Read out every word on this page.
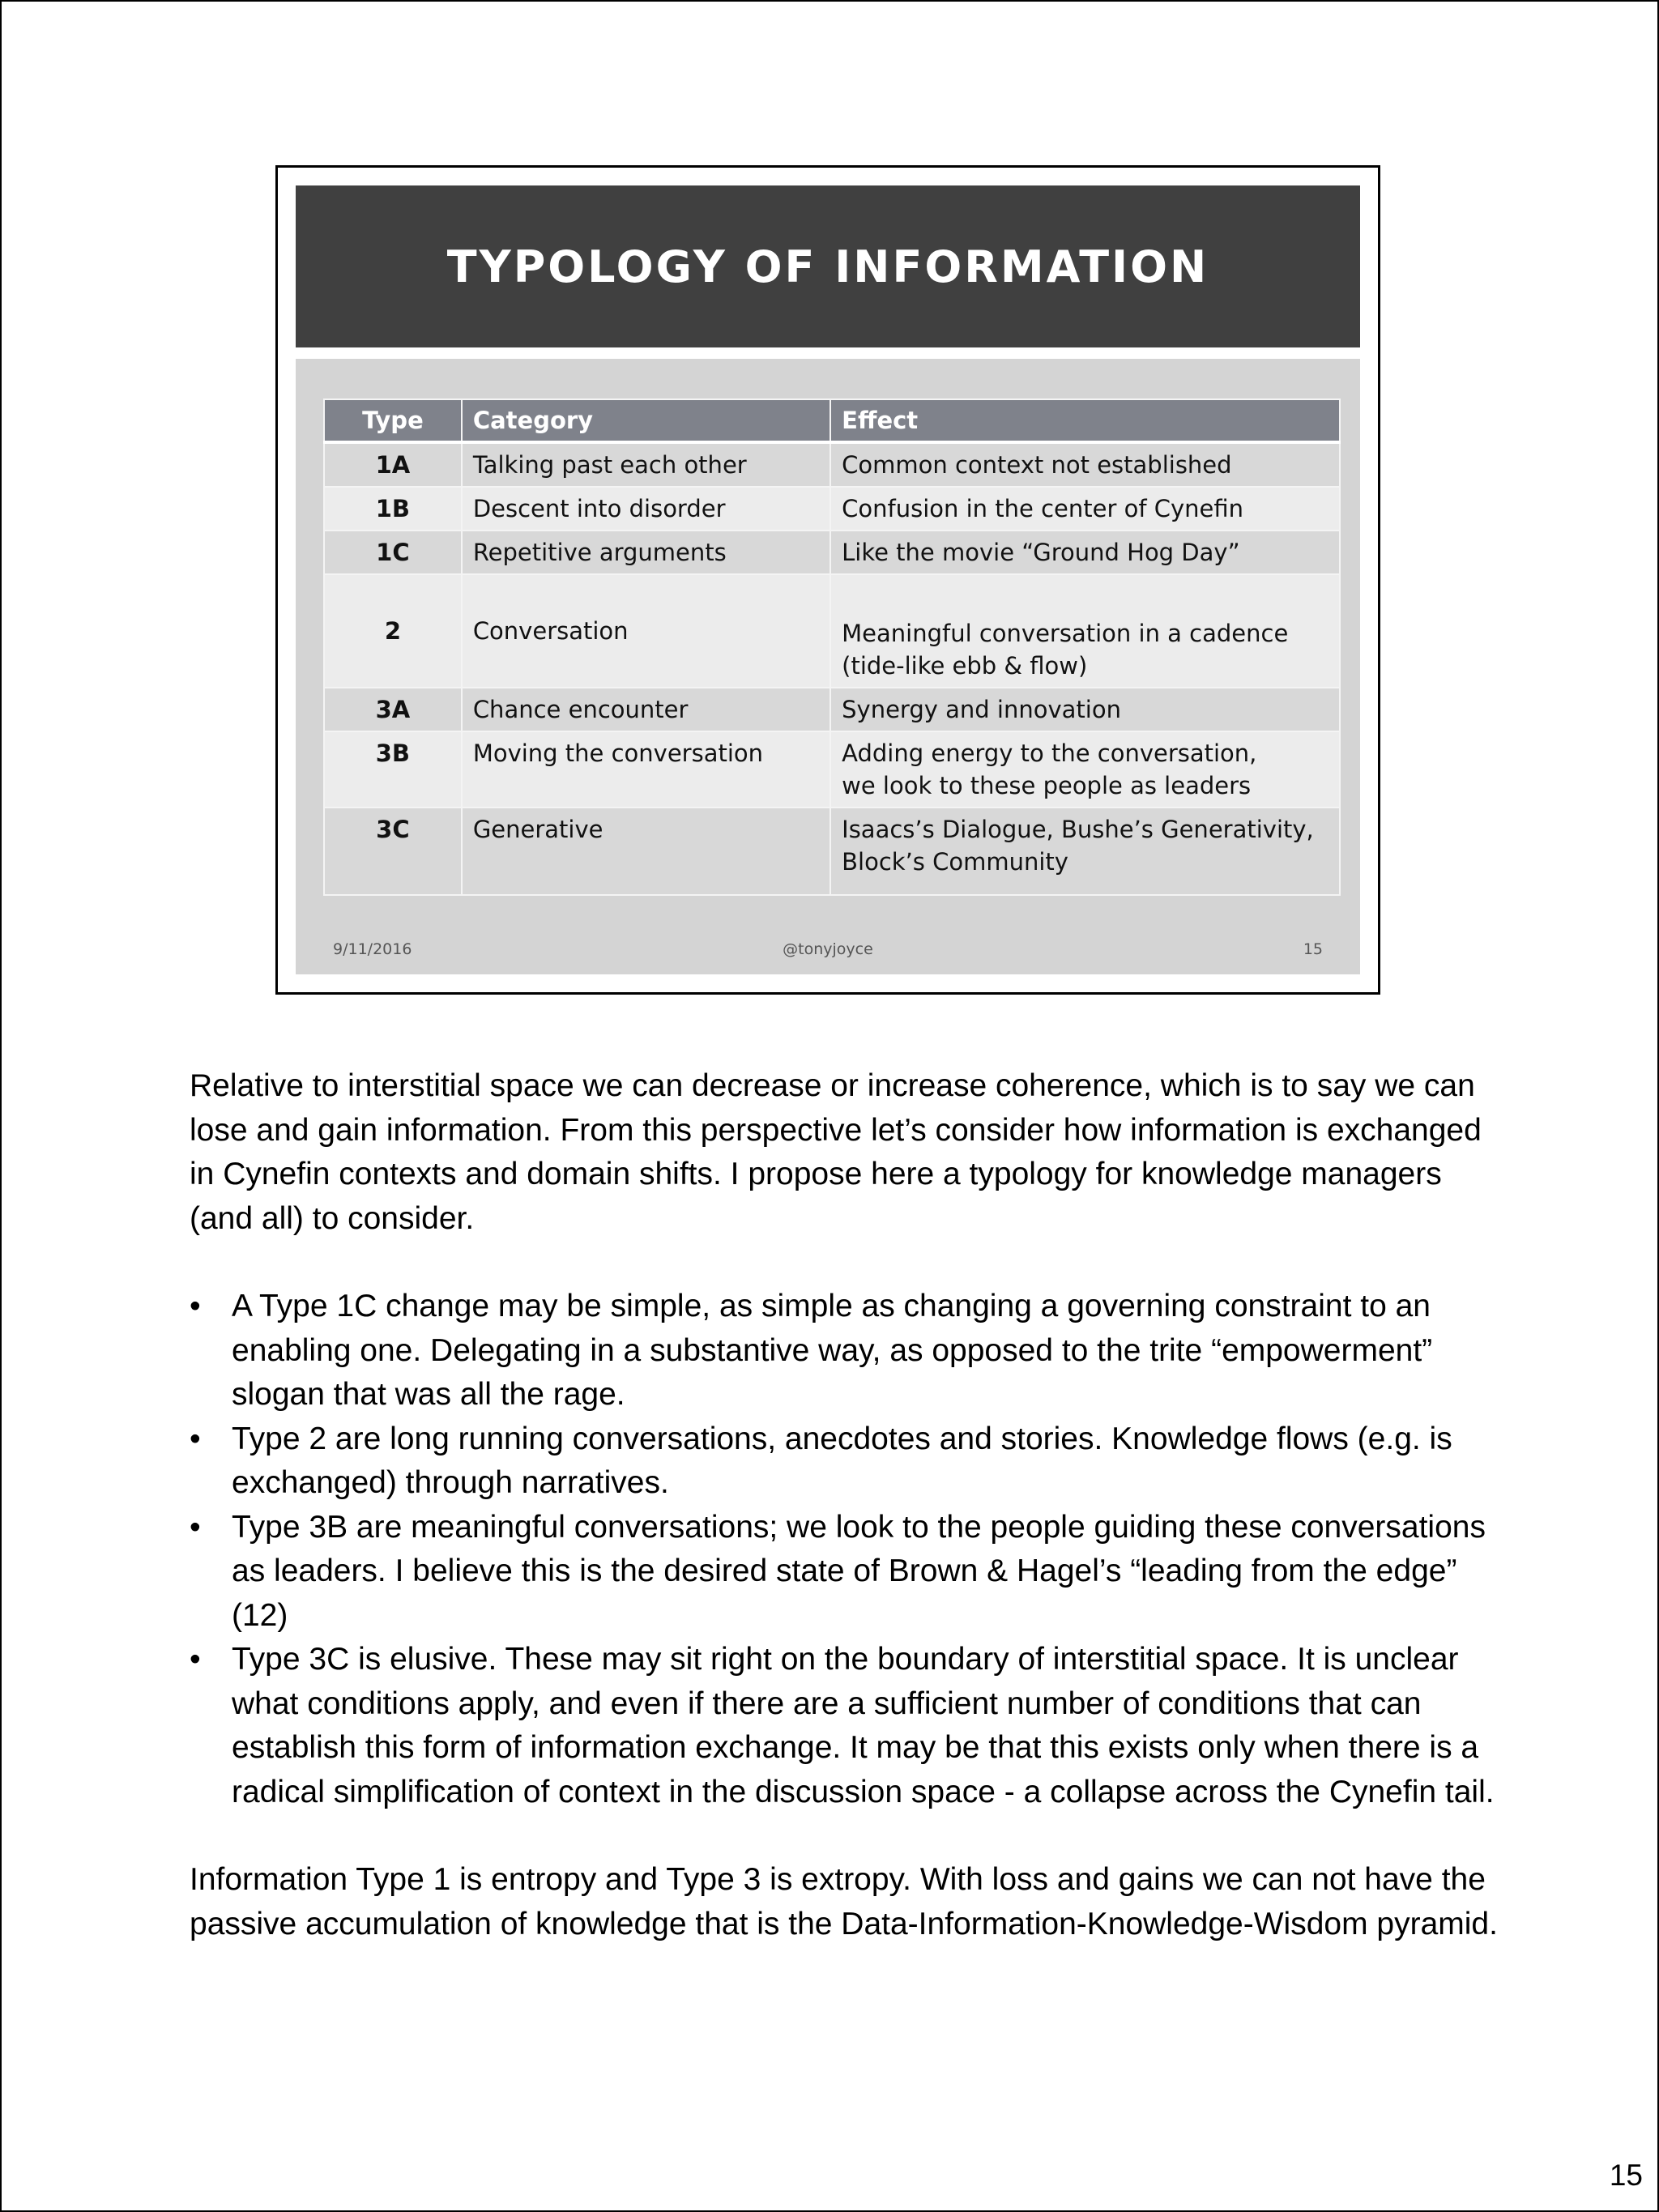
TYPOLOGY OF INFORMATION
Type	Category	Effect
1A	Talking past each other	Common context not established
1B	Descent into disorder	Confusion in the center of Cynefin
1C	Repetitive arguments	Like the movie “Ground Hog Day”
2	Conversation	Meaningful conversation in a cadence
(tide-like ebb & flow)

3A	Chance encounter	Synergy and innovation
3B	Moving the conversation	Adding energy to the conversation,
we look to these people as leaders

3C	Generative	Isaacs’s Dialogue, Bushe’s Generativity,
Block’s Community
9/11/2016	@tonyjoyce	15

Relative to interstitial space we can decrease or increase coherence, which is to say we can lose and gain information. From this perspective let’s consider how information is exchanged in Cynefin contexts and domain shifts. I propose here a typology for knowledge managers (and all) to consider.

• A Type 1C change may be simple, as simple as changing a governing constraint to an enabling one. Delegating in a substantive way, as opposed to the trite “empowerment” slogan that was all the rage.
• Type 2 are long running conversations, anecdotes and stories. Knowledge flows (e.g. is exchanged) through narratives.
• Type 3B are meaningful conversations; we look to the people guiding these conversations as leaders. I believe this is the desired state of Brown & Hagel’s “leading from the edge” (12)
• Type 3C is elusive. These may sit right on the boundary of interstitial space. It is unclear what conditions apply, and even if there are a sufficient number of conditions that can establish this form of information exchange. It may be that this exists only when there is a radical simplification of context in the discussion space - a collapse across the Cynefin tail.

Information Type 1 is entropy and Type 3 is extropy. With loss and gains we can not have the passive accumulation of knowledge that is the Data-Information-Knowledge-Wisdom pyramid.

15
